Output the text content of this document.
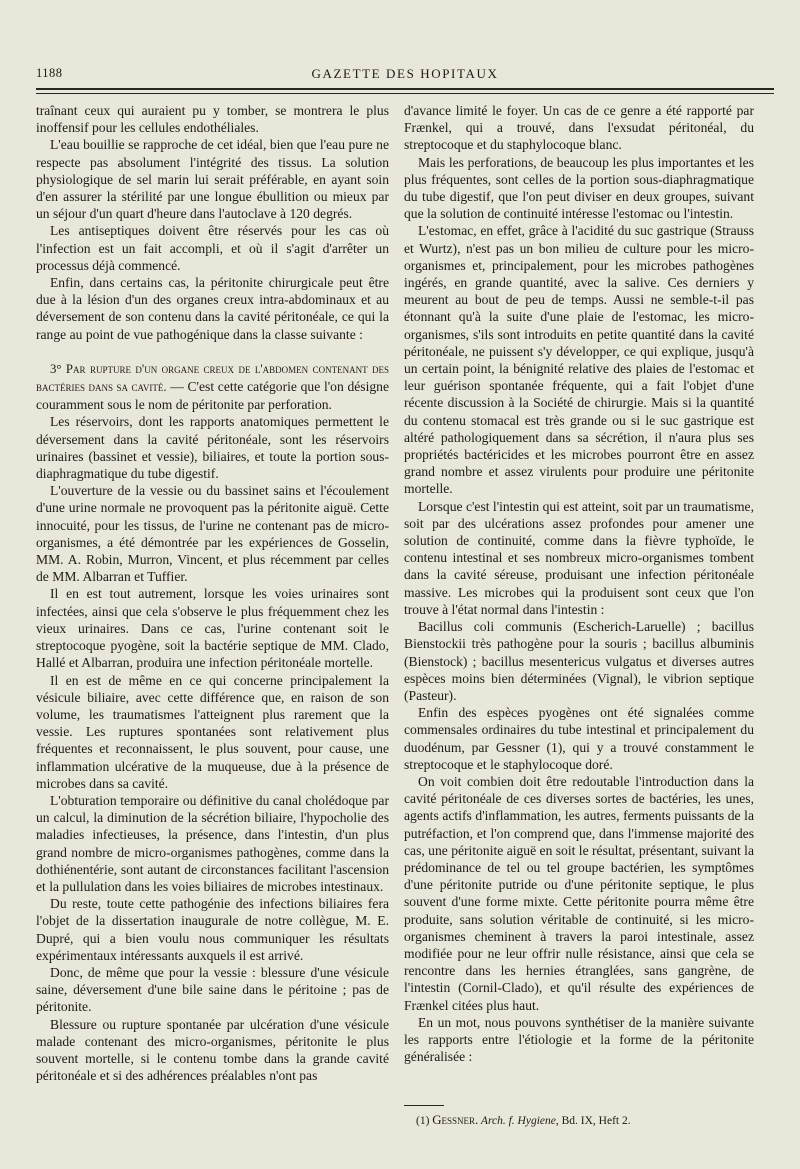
1188	GAZETTE DES HOPITAUX

traînant ceux qui auraient pu y tomber, se montrera le plus inoffensif pour les cellules endothéliales.

L'eau bouillie se rapproche de cet idéal, bien que l'eau pure ne respecte pas absolument l'intégrité des tissus. La solution physiologique de sel marin lui serait préférable, en ayant soin d'en assurer la stérilité par une longue ébullition ou mieux par un séjour d'un quart d'heure dans l'autoclave à 120 degrés.

Les antiseptiques doivent être réservés pour les cas où l'infection est un fait accompli, et où il s'agit d'arrêter un processus déjà commencé.

Enfin, dans certains cas, la péritonite chirurgicale peut être due à la lésion d'un des organes creux intra-abdominaux et au déversement de son contenu dans la cavité péritonéale, ce qui la range au point de vue pathogénique dans la classe suivante :

3° Par rupture d'un organe creux de l'abdomen contenant des bactéries dans sa cavité. — C'est cette catégorie que l'on désigne couramment sous le nom de péritonite par perforation.

Les réservoirs, dont les rapports anatomiques permettent le déversement dans la cavité péritonéale, sont les réservoirs urinaires (bassinet et vessie), biliaires, et toute la portion sous-diaphragmatique du tube digestif.

L'ouverture de la vessie ou du bassinet sains et l'écoulement d'une urine normale ne provoquent pas la péritonite aiguë. Cette innocuité, pour les tissus, de l'urine ne contenant pas de micro-organismes, a été démontrée par les expériences de Gosselin, MM. A. Robin, Murron, Vincent, et plus récemment par celles de MM. Albarran et Tuffier.

Il en est tout autrement, lorsque les voies urinaires sont infectées, ainsi que cela s'observe le plus fréquemment chez les vieux urinaires. Dans ce cas, l'urine contenant soit le streptocoque pyogène, soit la bactérie septique de MM. Clado, Hallé et Albarran, produira une infection péritonéale mortelle.

Il en est de même en ce qui concerne principalement la vésicule biliaire, avec cette différence que, en raison de son volume, les traumatismes l'atteignent plus rarement que la vessie. Les ruptures spontanées sont relativement plus fréquentes et reconnaissent, le plus souvent, pour cause, une inflammation ulcérative de la muqueuse, due à la présence de microbes dans sa cavité.

L'obturation temporaire ou définitive du canal cholédoque par un calcul, la diminution de la sécrétion biliaire, l'hypocholie des maladies infectieuses, la présence, dans l'intestin, d'un plus grand nombre de micro-organismes pathogènes, comme dans la dothiénentérie, sont autant de circonstances facilitant l'ascension et la pullulation dans les voies biliaires de microbes intestinaux.

Du reste, toute cette pathogénie des infections biliaires fera l'objet de la dissertation inaugurale de notre collègue, M. E. Dupré, qui a bien voulu nous communiquer les résultats expérimentaux intéressants auxquels il est arrivé.

Donc, de même que pour la vessie : blessure d'une vésicule saine, déversement d'une bile saine dans le péritoine ; pas de péritonite.

Blessure ou rupture spontanée par ulcération d'une vésicule malade contenant des micro-organismes, péritonite le plus souvent mortelle, si le contenu tombe dans la grande cavité péritonéale et si des adhérences préalables n'ont pas

d'avance limité le foyer. Un cas de ce genre a été rapporté par Frænkel, qui a trouvé, dans l'exsudat péritonéal, du streptocoque et du staphylocoque blanc.

Mais les perforations, de beaucoup les plus importantes et les plus fréquentes, sont celles de la portion sous-diaphragmatique du tube digestif, que l'on peut diviser en deux groupes, suivant que la solution de continuité intéresse l'estomac ou l'intestin.

L'estomac, en effet, grâce à l'acidité du suc gastrique (Strauss et Wurtz), n'est pas un bon milieu de culture pour les micro-organismes et, principalement, pour les microbes pathogènes ingérés, en grande quantité, avec la salive. Ces derniers y meurent au bout de peu de temps. Aussi ne semble-t-il pas étonnant qu'à la suite d'une plaie de l'estomac, les micro-organismes, s'ils sont introduits en petite quantité dans la cavité péritonéale, ne puissent s'y développer, ce qui explique, jusqu'à un certain point, la bénignité relative des plaies de l'estomac et leur guérison spontanée fréquente, qui a fait l'objet d'une récente discussion à la Société de chirurgie. Mais si la quantité du contenu stomacal est très grande ou si le suc gastrique est altéré pathologiquement dans sa sécrétion, il n'aura plus ses propriétés bactéricides et les microbes pourront être en assez grand nombre et assez virulents pour produire une péritonite mortelle.

Lorsque c'est l'intestin qui est atteint, soit par un traumatisme, soit par des ulcérations assez profondes pour amener une solution de continuité, comme dans la fièvre typhoïde, le contenu intestinal et ses nombreux micro-organismes tombent dans la cavité séreuse, produisant une infection péritonéale massive. Les microbes qui la produisent sont ceux que l'on trouve à l'état normal dans l'intestin :

Bacillus coli communis (Escherich-Laruelle) ; bacillus Bienstockii très pathogène pour la souris ; bacillus albuminis (Bienstock) ; bacillus mesentericus vulgatus et diverses autres espèces moins bien déterminées (Vignal), le vibrion septique (Pasteur).

Enfin des espèces pyogènes ont été signalées comme commensales ordinaires du tube intestinal et principalement du duodénum, par Gessner (1), qui y a trouvé constamment le streptocoque et le staphylocoque doré.

On voit combien doit être redoutable l'introduction dans la cavité péritonéale de ces diverses sortes de bactéries, les unes, agents actifs d'inflammation, les autres, ferments puissants de la putréfaction, et l'on comprend que, dans l'immense majorité des cas, une péritonite aiguë en soit le résultat, présentant, suivant la prédominance de tel ou tel groupe bactérien, les symptômes d'une péritonite putride ou d'une péritonite septique, le plus souvent d'une forme mixte. Cette péritonite pourra même être produite, sans solution véritable de continuité, si les micro-organismes cheminent à travers la paroi intestinale, assez modifiée pour ne leur offrir nulle résistance, ainsi que cela se rencontre dans les hernies étranglées, sans gangrène, de l'intestin (Cornil-Clado), et qu'il résulte des expériences de Frænkel citées plus haut.

En un mot, nous pouvons synthétiser de la manière suivante les rapports entre l'étiologie et la forme de la péritonite généralisée :

(1) Gessner. Arch. f. Hygiene, Bd. IX, Heft 2.
